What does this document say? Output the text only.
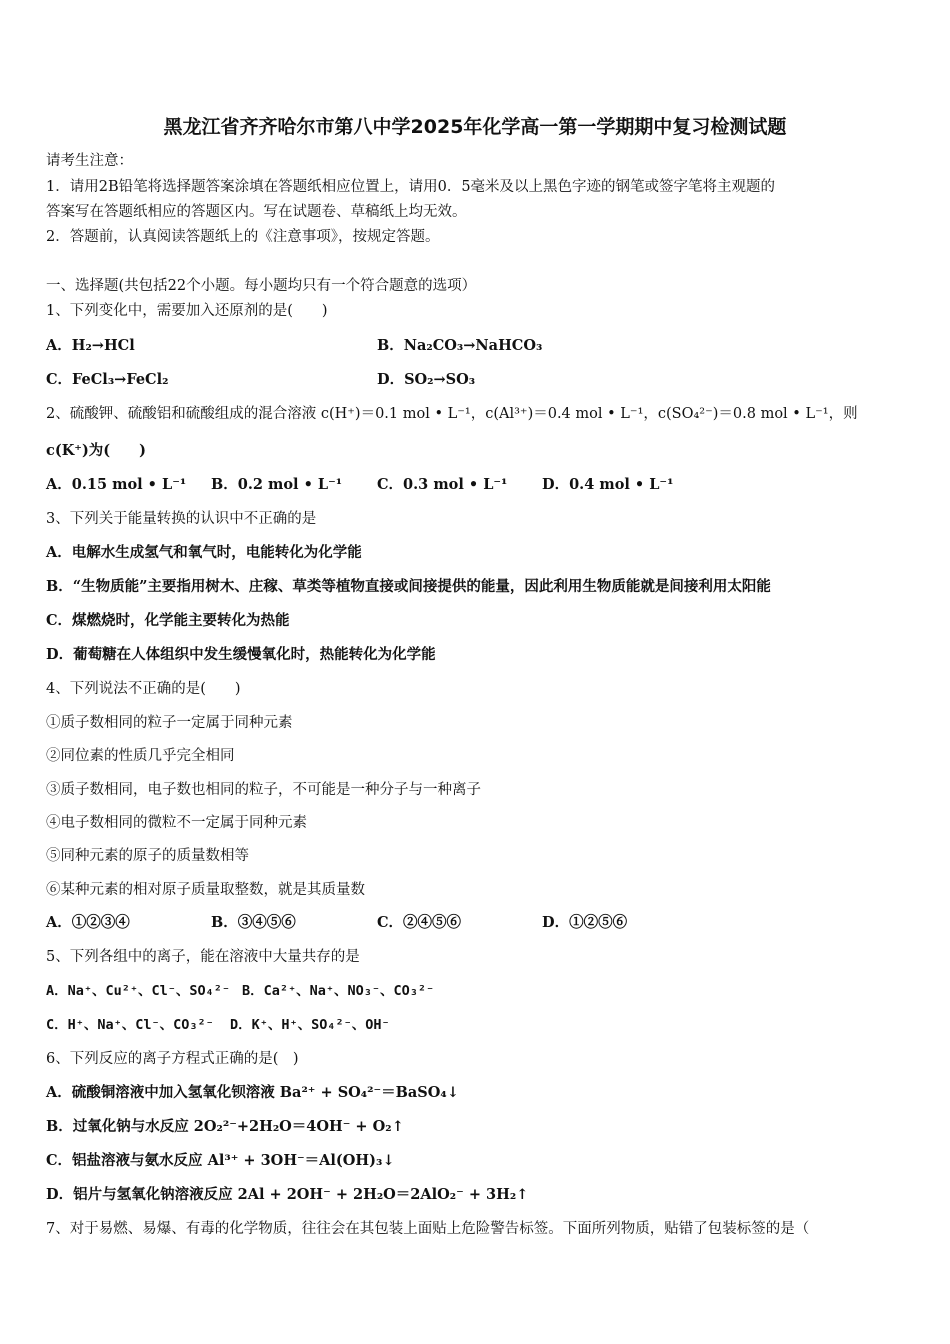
黑龙江省齐齐哈尔市第八中学2025年化学高一第一学期期中复习检测试题
请考生注意：
1．请用2B铅笔将选择题答案涂填在答题纸相应位置上，请用0．5毫米及以上黑色字迹的钢笔或签字笔将主观题的
答案写在答题纸相应的答题区内。写在试题卷、草稿纸上均无效。
2．答题前，认真阅读答题纸上的《注意事项》，按规定答题。
一、选择题(共包括22个小题。每小题均只有一个符合题意的选项）
1、下列变化中，需要加入还原剂的是(　　)
A．H₂→HCl	B．Na₂CO₃→NaHCO₃
C．FeCl₃→FeCl₂	D．SO₂→SO₃
2、硫酸钾、硫酸铝和硫酸组成的混合溶液 c(H⁺)＝0.1 mol • L⁻¹，c(Al³⁺)＝0.4 mol • L⁻¹，c(SO₄²⁻)＝0.8 mol • L⁻¹，则
c(K⁺)为(　　)
A．0.15 mol • L⁻¹ B．0.2 mol • L⁻¹ C．0.3 mol • L⁻¹ D．0.4 mol • L⁻¹
3、下列关于能量转换的认识中不正确的是
A．电解水生成氢气和氧气时，电能转化为化学能
B．“生物质能”主要指用树木、庄稼、草类等植物直接或间接提供的能量，因此利用生物质能就是间接利用太阳能
C．煤燃烧时，化学能主要转化为热能
D．葡萄糖在人体组织中发生缓慢氧化时，热能转化为化学能
4、下列说法不正确的是(　　)
①质子数相同的粒子一定属于同种元素
②同位素的性质几乎完全相同
③质子数相同，电子数也相同的粒子，不可能是一种分子与一种离子
④电子数相同的微粒不一定属于同种元素
⑤同种元素的原子的质量数相等
⑥某种元素的相对原子质量取整数，就是其质量数
A．①②③④	B．③④⑤⑥	C．②④⑤⑥	D．①②⑤⑥
5、下列各组中的离子，能在溶液中大量共存的是
A．Na⁺、Cu²⁺、Cl⁻、SO₄²⁻ B．Ca²⁺、Na⁺、NO₃⁻、CO₃²⁻
C．H⁺、Na⁺、Cl⁻、CO₃²⁻ D．K⁺、H⁺、SO₄²⁻、OH⁻
6、下列反应的离子方程式正确的是(　)
A．硫酸铜溶液中加入氢氧化钡溶液 Ba²⁺ + SO₄²⁻＝BaSO₄↓
B．过氧化钠与水反应 2O₂²⁻+2H₂O＝4OH⁻ + O₂↑
C．铝盐溶液与氨水反应 Al³⁺ + 3OH⁻＝Al(OH)₃↓
D．铝片与氢氧化钠溶液反应 2Al + 2OH⁻ + 2H₂O＝2AlO₂⁻ + 3H₂↑
7、对于易燃、易爆、有毒的化学物质，往往会在其包装上面贴上危险警告标签。下面所列物质，贴错了包装标签的是（
